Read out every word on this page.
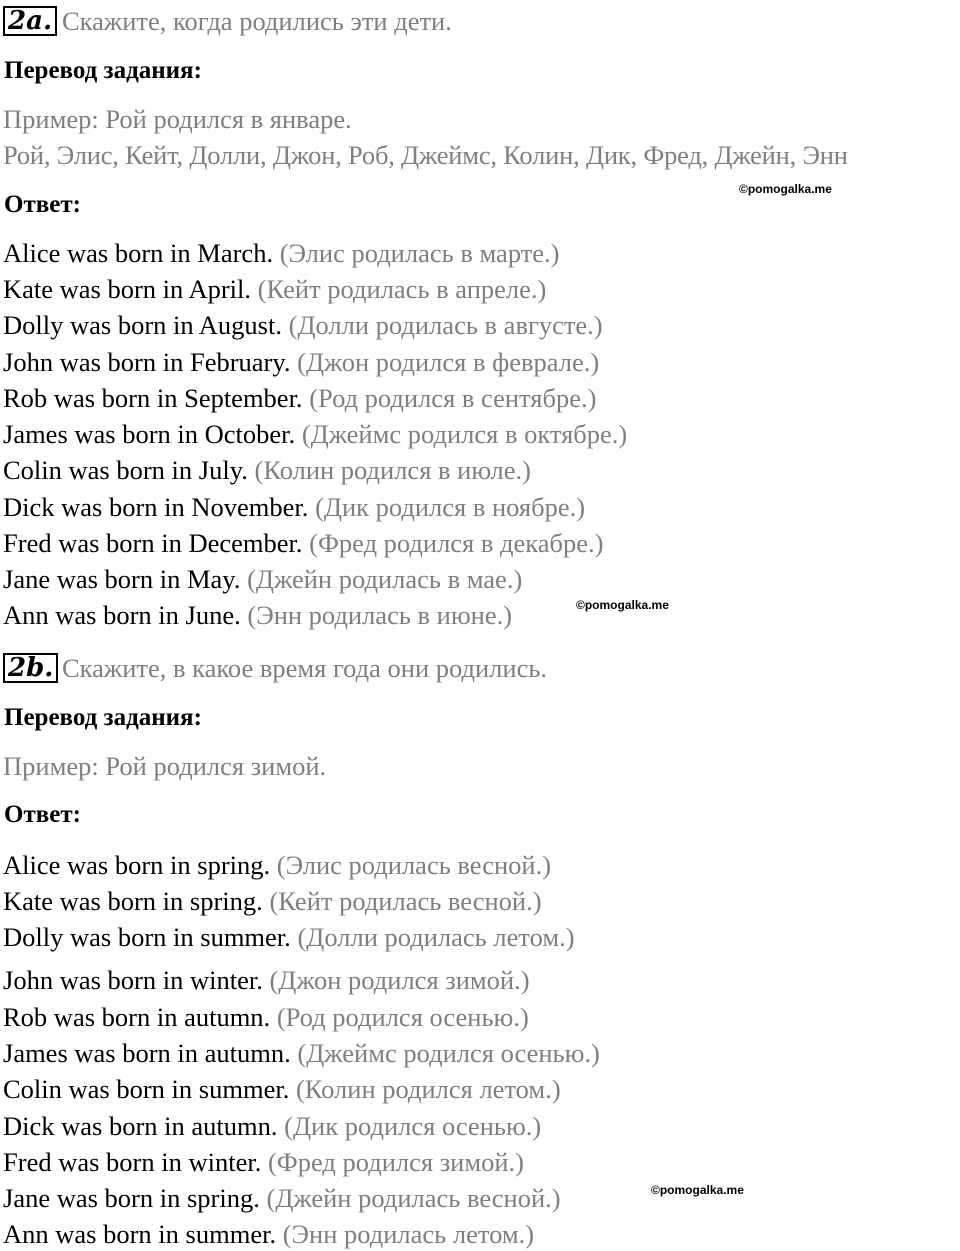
2a. Скажите, когда родились эти дети.
Перевод задания:
Пример: Рой родился в январе.
Рой, Элис, Кейт, Долли, Джон, Роб, Джеймс, Колин, Дик, Фред, Джейн, Энн
Ответ:
©pomogalka.me
Alice was born in March. (Элис родилась в марте.)
Kate was born in April. (Кейт родилась в апреле.)
Dolly was born in August. (Долли родилась в августе.)
John was born in February. (Джон родился в феврале.)
Rob was born in September. (Род родился в сентябре.)
James was born in October. (Джеймс родился в октябре.)
Colin was born in July. (Колин родился в июле.)
Dick was born in November. (Дик родился в ноябре.)
Fred was born in December. (Фред родился в декабре.)
Jane was born in May. (Джейн родилась в мае.)
Ann was born in June. (Энн родилась в июне.)	©pomogalka.me
2b. Скажите, в какое время года они родились.
Перевод задания:
Пример: Рой родился зимой.
Ответ:
Alice was born in spring. (Элис родилась весной.)
Kate was born in spring. (Кейт родилась весной.)
Dolly was born in summer. (Долли родилась летом.)
John was born in winter. (Джон родился зимой.)
Rob was born in autumn. (Род родился осенью.)
James was born in autumn. (Джеймс родился осенью.)
Colin was born in summer. (Колин родился летом.)
Dick was born in autumn. (Дик родился осенью.)
Fred was born in winter. (Фред родился зимой.)
Jane was born in spring. (Джейн родилась весной.)
Ann was born in summer. (Энн родилась летом.)
©pomogalka.me
